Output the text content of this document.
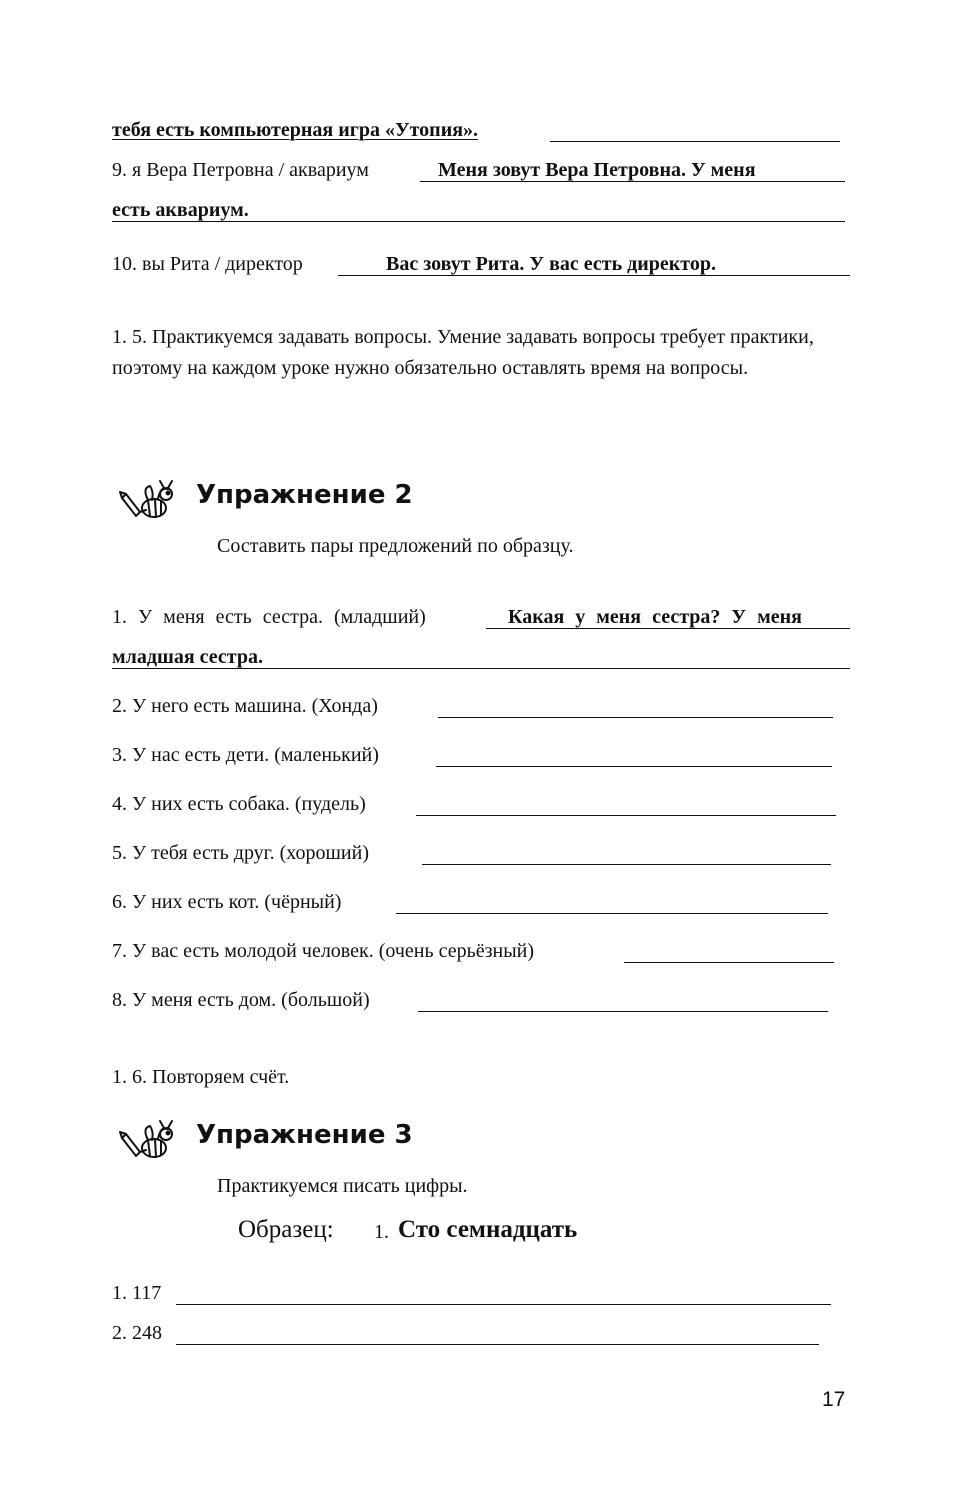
тебя есть компьютерная игра «Утопия».
9. я Вера Петровна / аквариум	Меня зовут Вера Петровна. У меня
есть аквариум.
10. вы Рита / директор	Вас зовут Рита. У вас есть директор.
1. 5. Практикуемся задавать вопросы. Умение задавать вопросы требует практики, поэтому на каждом уроке нужно обязательно оставлять время на вопросы.
Упражнение 2
Составить пары предложений по образцу.
1. У меня есть сестра. (младший)	Какая у меня сестра? У меня
младшая сестра.
2. У него есть машина. (Хонда)
3. У нас есть дети. (маленький)
4. У них есть собака. (пудель)
5. У тебя есть друг. (хороший)
6. У них есть кот. (чёрный)
7. У вас есть молодой человек. (очень серьёзный)
8. У меня есть дом. (большой)
1. 6. Повторяем счёт.
Упражнение 3
Практикуемся писать цифры.
Образец: 1. Сто семнадцать
1. 117
2. 248
17
